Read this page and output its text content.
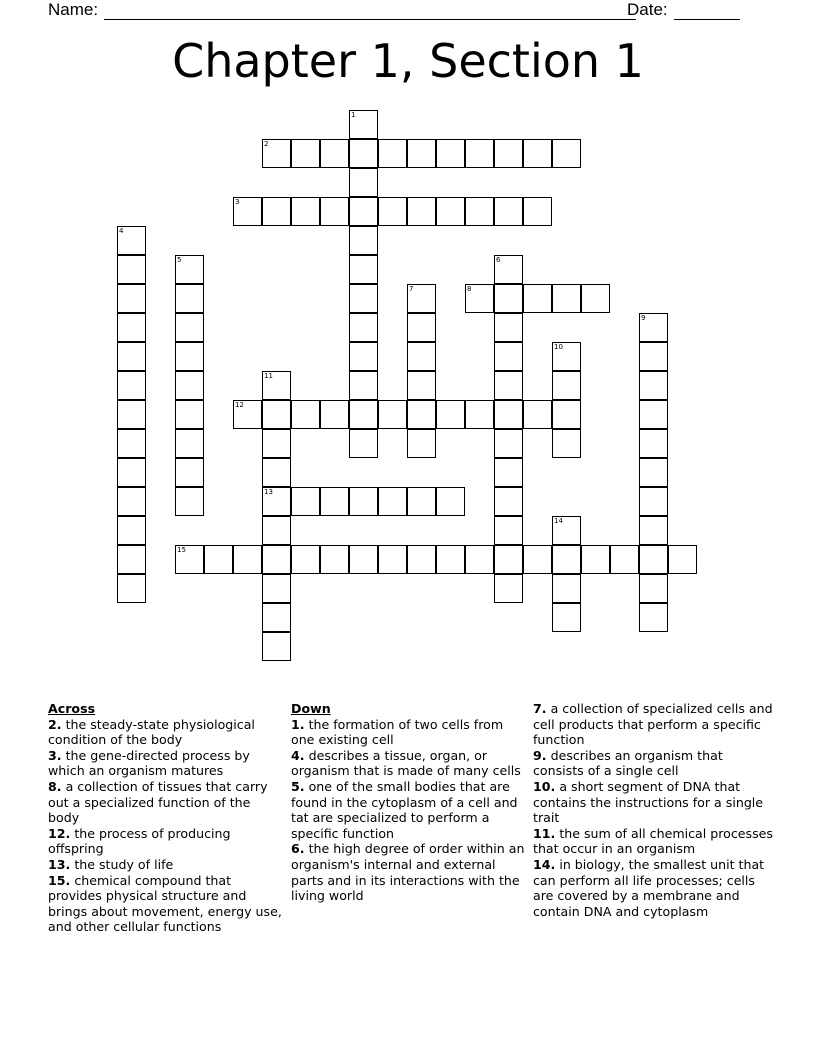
Name:	Date:
Chapter 1, Section 1
1
2
3
4
5	6
7	8
9
10
11
13
12
14
15
Across
2. the steady-state physiological condition of the body
3. the gene-directed process by which an organism matures
8. a collection of tissues that carry out a specialized function of the body
12. the process of producing offspring
13. the study of life
15. chemical compound that provides physical structure and brings about movement, energy use, and other cellular functions
Down
1. the formation of two cells from one existing cell
4. describes a tissue, organ, or organism that is made of many cells
5. one of the small bodies that are found in the cytoplasm of a cell and tat are specialized to perform a specific function
6. the high degree of order within an organism's internal and external parts and in its interactions with the living world
7. a collection of specialized cells and cell products that perform a specific function
9. describes an organism that consists of a single cell
10. a short segment of DNA that contains the instructions for a single trait
11. the sum of all chemical processes that occur in an organism
14. in biology, the smallest unit that can perform all life processes; cells are covered by a membrane and contain DNA and cytoplasm
